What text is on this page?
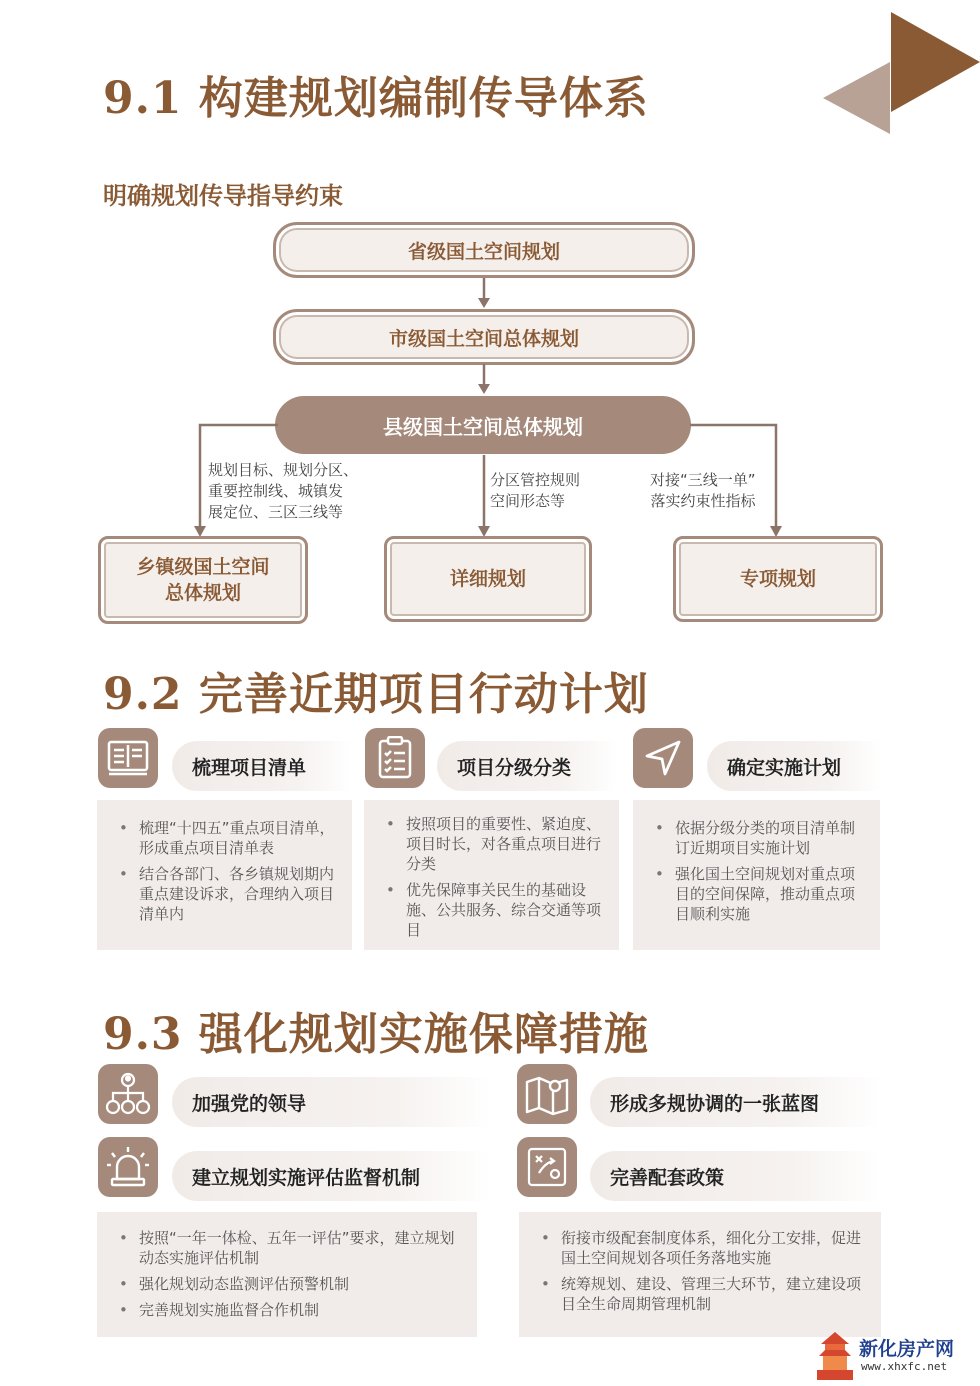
9.1 构建规划编制传导体系
明确规划传导指导约束
省级国土空间规划
市级国土空间总体规划
县级国土空间总体规划
规划目标、规划分区、
重要控制线、城镇发
展定位、三区三线等
分区管控规则
空间形态等
对接“三线一单”
落实约束性指标
乡镇级国土空间
总体规划
详细规划	专项规划
9.2 完善近期项目行动计划
梳理项目清单
• 梳理“十四五”重点项目清单，形成重点项目清单表
• 结合各部门、各乡镇规划期内重点建设诉求，合理纳入项目清单内
项目分级分类
• 按照项目的重要性、紧迫度、项目时长，对各重点项目进行分类
• 优先保障事关民生的基础设施、公共服务、综合交通等项目
确定实施计划
• 依据分级分类的项目清单制订近期项目实施计划
• 强化国土空间规划对重点项目的空间保障，推动重点项目顺利实施
9.3 强化规划实施保障措施
加强党的领导	形成多规协调的一张蓝图
建立规划实施评估监督机制	完善配套政策
• 按照“一年一体检、五年一评估”要求，建立规划动态实施评估机制
• 强化规划动态监测评估预警机制
• 完善规划实施监督合作机制
• 衔接市级配套制度体系，细化分工安排，促进国土空间规划各项任务落地实施
• 统筹规划、建设、管理三大环节，建立建设项目全生命周期管理机制
新化房产网
www.xhxfc.net
